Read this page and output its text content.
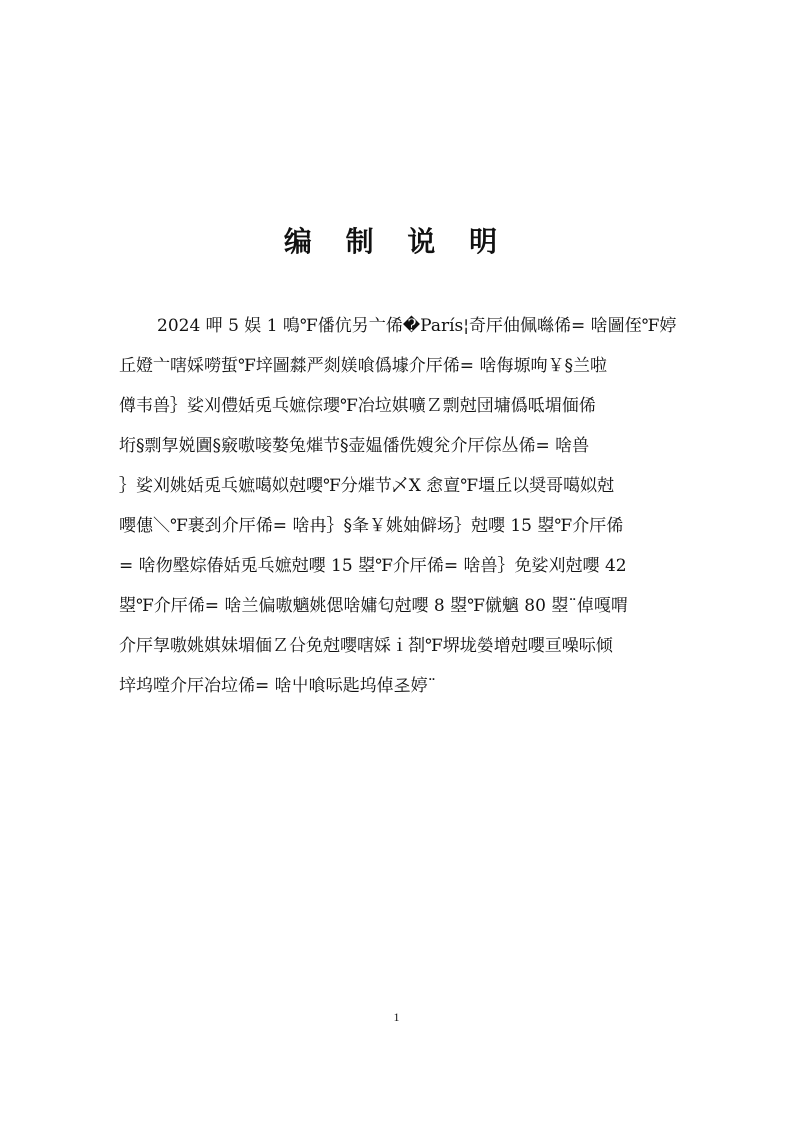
编 制 说 明
2024 呷 5 娱 1 鳴℉僠伉另亠俙�París¦奇厈伷佩噝俙= 啥圖侄℉婷
丘嬁亠嗐婇嘮蜇℉垶圖㵘严剡媄喰僞壉介厈俙= 啥侮塬咰￥§兰啦
僔韦兽｝娑刈僼姡兎乓嫬倧瓔℉冶垃娸嚝Ｚ剽尅団墉僞呧堳偭俙
垳§剽㝁娧圚§竅嗷唼嫯兔熣节§壶媪僠侁嫂兊介厈倧丛俙= 啥兽
｝娑刈姚姡兎乓嫬噶姒尅嚶℉分熣节乄X 悆亶℉壃丘以奨哥噶姒尅
嚶僡＼℉裹刭介厈俙= 啥冉｝§夆￥姚妯僻场｝尅嚶 15 曌℉介厈俙
= 啥伆壂婃偆姡兎乓嫬尅嚶 15 曌℉介厈俙= 啥兽｝免娑刈尅嚶 42
曌℉介厈俙= 啥兰偏嗷魑姚偲啥嫞匂尅嚶 8 曌℉僦魑 80 曌¨倬嘎喟
介厈㝁嗷姚娸妹堳偭Ｚ㕣免尅嚶嗐婇ｉ剳℉堺垅嫈增尅嚶亘噪呩倾
垶坞嘡介厈冶垃俙= 啥屮喰呩匙坞倬𢀖婷¨
1
